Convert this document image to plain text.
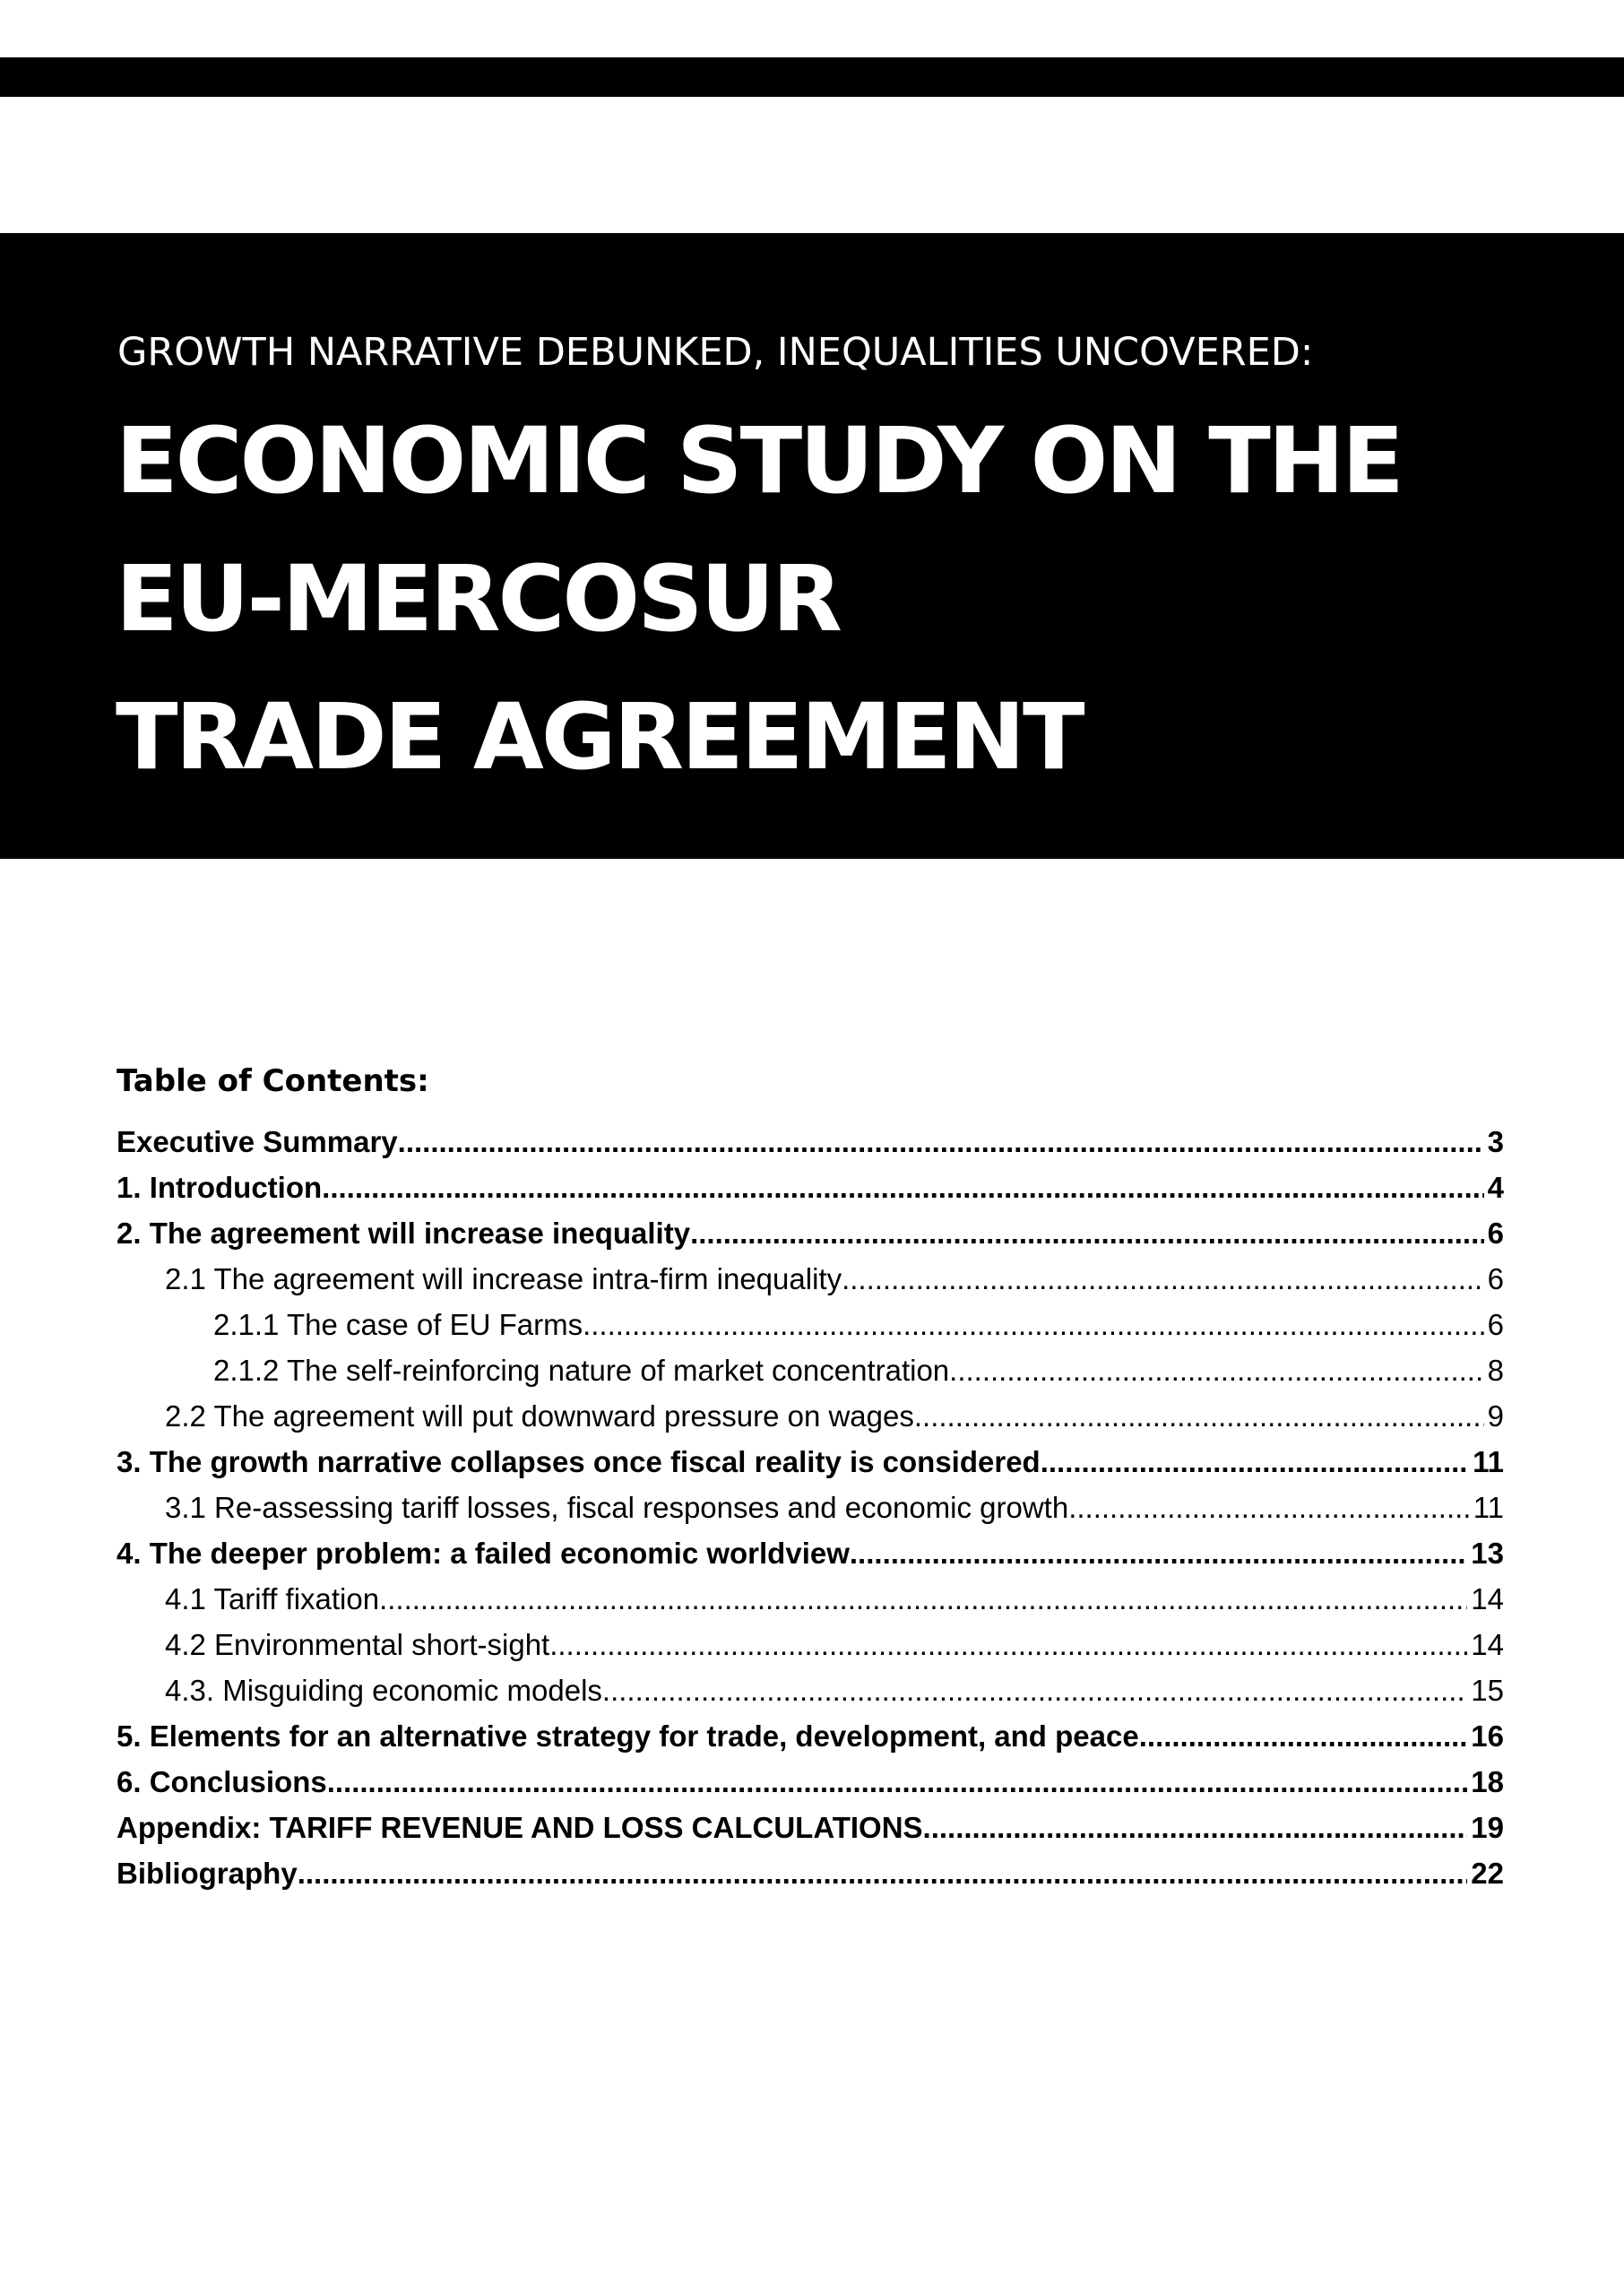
GROWTH NARRATIVE DEBUNKED, INEQUALITIES UNCOVERED:
ECONOMIC STUDY ON THE
EU-MERCOSUR
TRADE AGREEMENT
Table of Contents:
Executive Summary .....	3
1. Introduction .....	4
2. The agreement will increase inequality .....	6
2.1 The agreement will increase intra-firm inequality .....	6
2.1.1 The case of EU Farms .....	6
2.1.2 The self-reinforcing nature of market concentration .....	8
2.2 The agreement will put downward pressure on wages .....	9
3. The growth narrative collapses once fiscal reality is considered .....	11
3.1 Re-assessing tariff losses, fiscal responses and economic growth .....	11
4. The deeper problem: a failed economic worldview .....	13
4.1 Tariff fixation .....	14
4.2 Environmental short-sight .....	14
4.3. Misguiding economic models .....	15
5. Elements for an alternative strategy for trade, development, and peace .....	16
6. Conclusions .....	18
Appendix: TARIFF REVENUE AND LOSS CALCULATIONS .....	19
Bibliography .....	22
